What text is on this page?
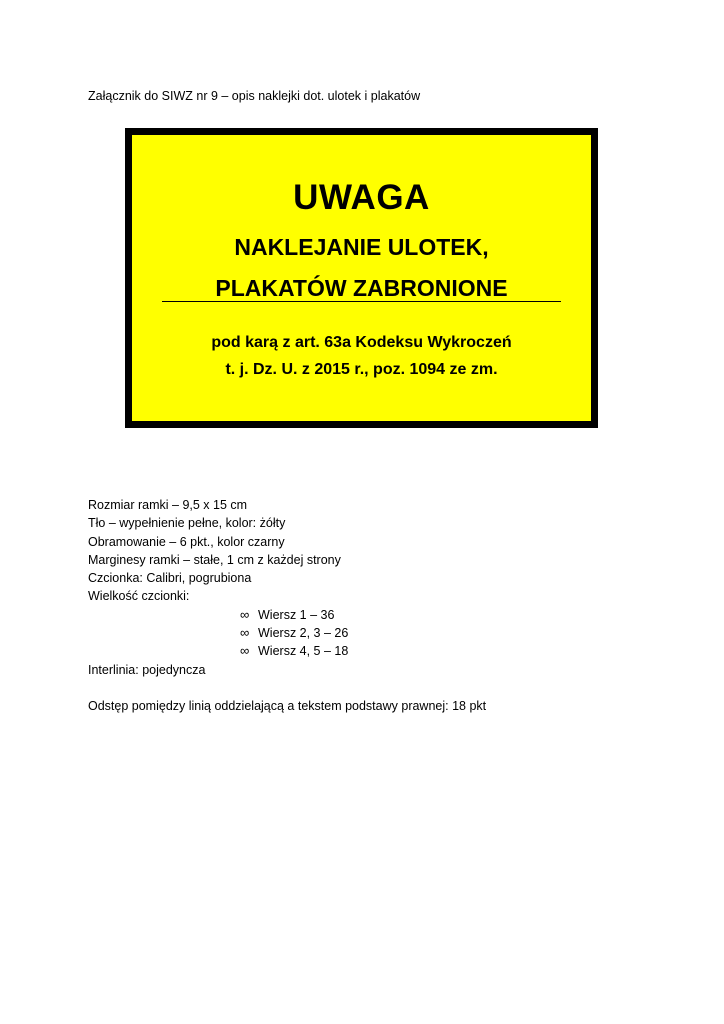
Załącznik do SIWZ nr 9 – opis naklejki dot. ulotek i plakatów
UWAGA
NAKLEJANIE ULOTEK,
PLAKATÓW ZABRONIONE
pod karą z art. 63a Kodeksu Wykroczeń
t. j. Dz. U. z 2015 r., poz. 1094 ze zm.
Rozmiar ramki – 9,5 x 15 cm
Tło – wypełnienie pełne, kolor: żółty
Obramowanie – 6 pkt., kolor czarny
Marginesy ramki – stałe, 1 cm z każdej strony
Czcionka: Calibri, pogrubiona
Wielkość czcionki:
∞ Wiersz 1 – 36
∞ Wiersz 2, 3 – 26
∞ Wiersz 4, 5 – 18
Interlinia: pojedyncza
Odstęp pomiędzy linią oddzielającą a tekstem podstawy prawnej: 18 pkt
